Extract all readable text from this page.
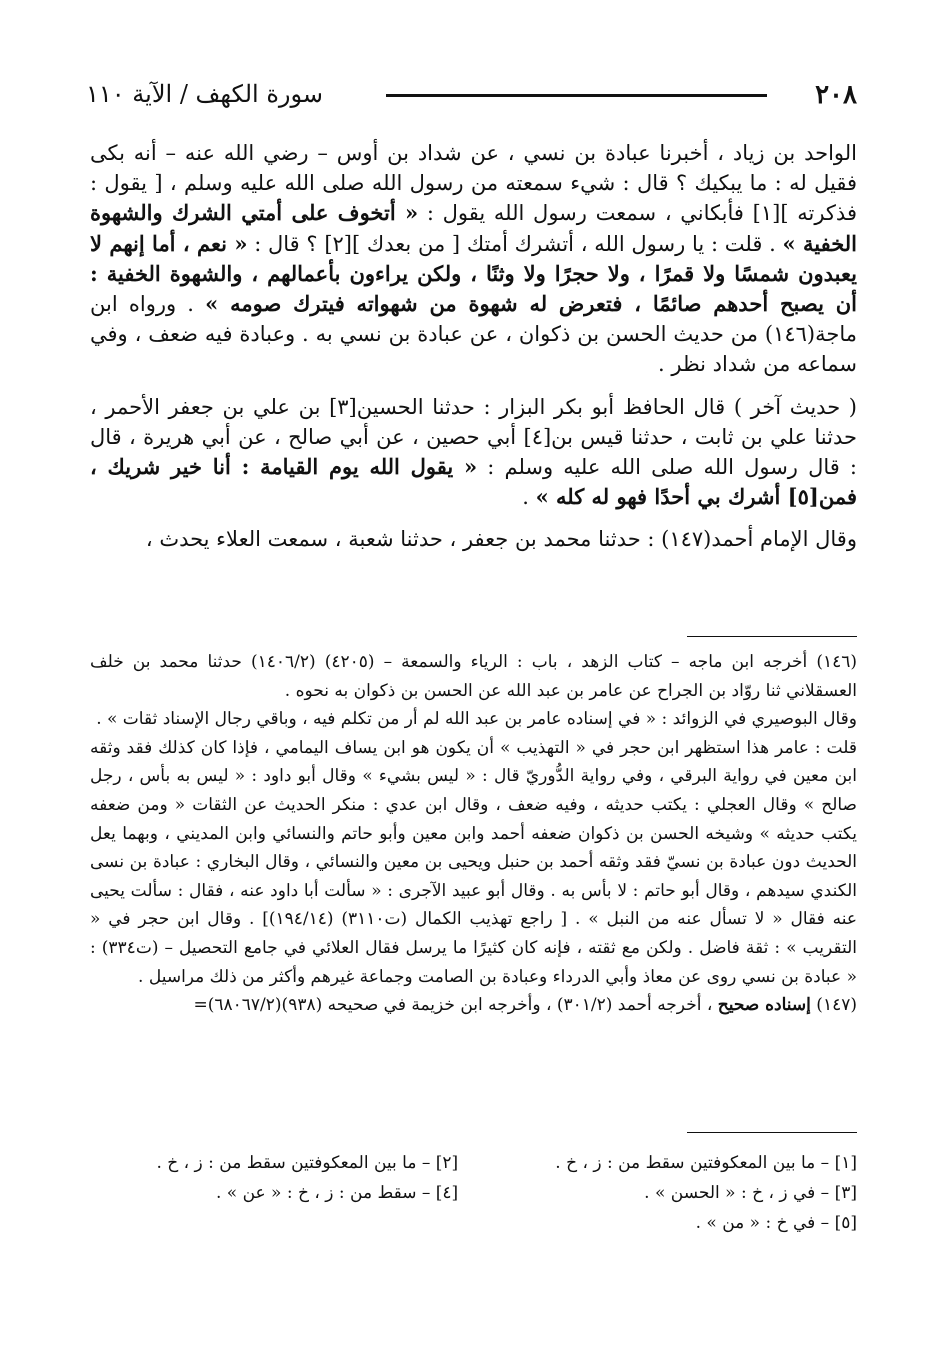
٢٠٨
سورة الكهف / الآية ١١٠

الواحد بن زياد ، أخبرنا عبادة بن نسي ، عن شداد بن أوس – رضي الله عنه – أنه بكى فقيل له : ما يبكيك ؟ قال : شيء سمعته من رسول الله صلى الله عليه وسلم ، [ يقول : فذكرته ][١] فأبكاني ، سمعت رسول الله يقول : « أتخوف على أمتي الشرك والشهوة الخفية » . قلت : يا رسول الله ، أتشرك أمتك [ من بعدك ][٢] ؟ قال : « نعم ، أما إنهم لا يعبدون شمسًا ولا قمرًا ، ولا حجرًا ولا وثنًا ، ولكن يراءون بأعمالهم ، والشهوة الخفية : أن يصبح أحدهم صائمًا ، فتعرض له شهوة من شهواته فيترك صومه » . ورواه ابن ماجة(١٤٦) من حديث الحسن بن ذكوان ، عن عبادة بن نسي به . وعبادة فيه ضعف ، وفي سماعه من شداد نظر .

( حديث آخر ) قال الحافظ أبو بكر البزار : حدثنا الحسين[٣] بن علي بن جعفر الأحمر ، حدثنا علي بن ثابت ، حدثنا قيس بن[٤] أبي حصين ، عن أبي صالح ، عن أبي هريرة ، قال : قال رسول الله صلى الله عليه وسلم : « يقول الله يوم القيامة : أنا خير شريك ، فمن[٥] أشرك بي أحدًا فهو له كله » .

وقال الإمام أحمد(١٤٧) : حدثنا محمد بن جعفر ، حدثنا شعبة ، سمعت العلاء يحدث ،

(١٤٦) أخرجه ابن ماجه – كتاب الزهد ، باب : الرياء والسمعة – (٤٢٠٥) (١٤٠٦/٢) حدثنا محمد بن خلف العسقلاني ثنا روّاد بن الجراح عن عامر بن عبد الله عن الحسن بن ذكوان به نحوه .

وقال البوصيري في الزوائد : « في إسناده عامر بن عبد الله لم أر من تكلم فيه ، وباقي رجال الإسناد ثقات » .

قلت : عامر هذا استظهر ابن حجر في « التهذيب » أن يكون هو ابن يساف اليمامي ، فإذا كان كذلك فقد وثقه ابن معين في رواية البرقي ، وفي رواية الدُّوريّ قال : « ليس بشيء » وقال أبو داود : « ليس به بأس ، رجل صالح » وقال العجلي : يكتب حديثه ، وفيه ضعف ، وقال ابن عدي : منكر الحديث عن الثقات « ومن ضعفه يكتب حديثه » وشيخه الحسن بن ذكوان ضعفه أحمد وابن معين وأبو حاتم والنسائي وابن المديني ، وبهما يعل الحديث دون عبادة بن نسيّ فقد وثقه أحمد بن حنبل ويحيى بن معين والنسائي ، وقال البخاري : عبادة بن نسى الكندي سيدهم ، وقال أبو حاتم : لا بأس به . وقال أبو عبيد الآجرى : « سألت أبا داود عنه ، فقال : سألت يحيى عنه فقال « لا تسأل عنه من النبل » . [ راجع تهذيب الكمال (ت٣١١٠) (١٩٤/١٤)] . وقال ابن حجر في « التقريب » : ثقة فاضل . ولكن مع ثقته ، فإنه كان كثيرًا ما يرسل فقال العلائي في جامع التحصيل – (ت٣٣٤) : « عبادة بن نسي روى عن معاذ وأبي الدرداء وعبادة بن الصامت وجماعة غيرهم وأكثر من ذلك مراسيل .

(١٤٧) إسناده صحيح ، أخرجه أحمد (٣٠١/٢) ، وأخرجه ابن خزيمة في صحيحه (٩٣٨)(٦٨٠٦٧/٢)=

[١] – ما بين المعكوفتين سقط من : ز ، خ .
[٢] – ما بين المعكوفتين سقط من : ز ، خ .
[٣] – في ز ، خ : « الحسن » .
[٤] – سقط من : ز ، خ : « عن » .
[٥] – في خ : « من » .
